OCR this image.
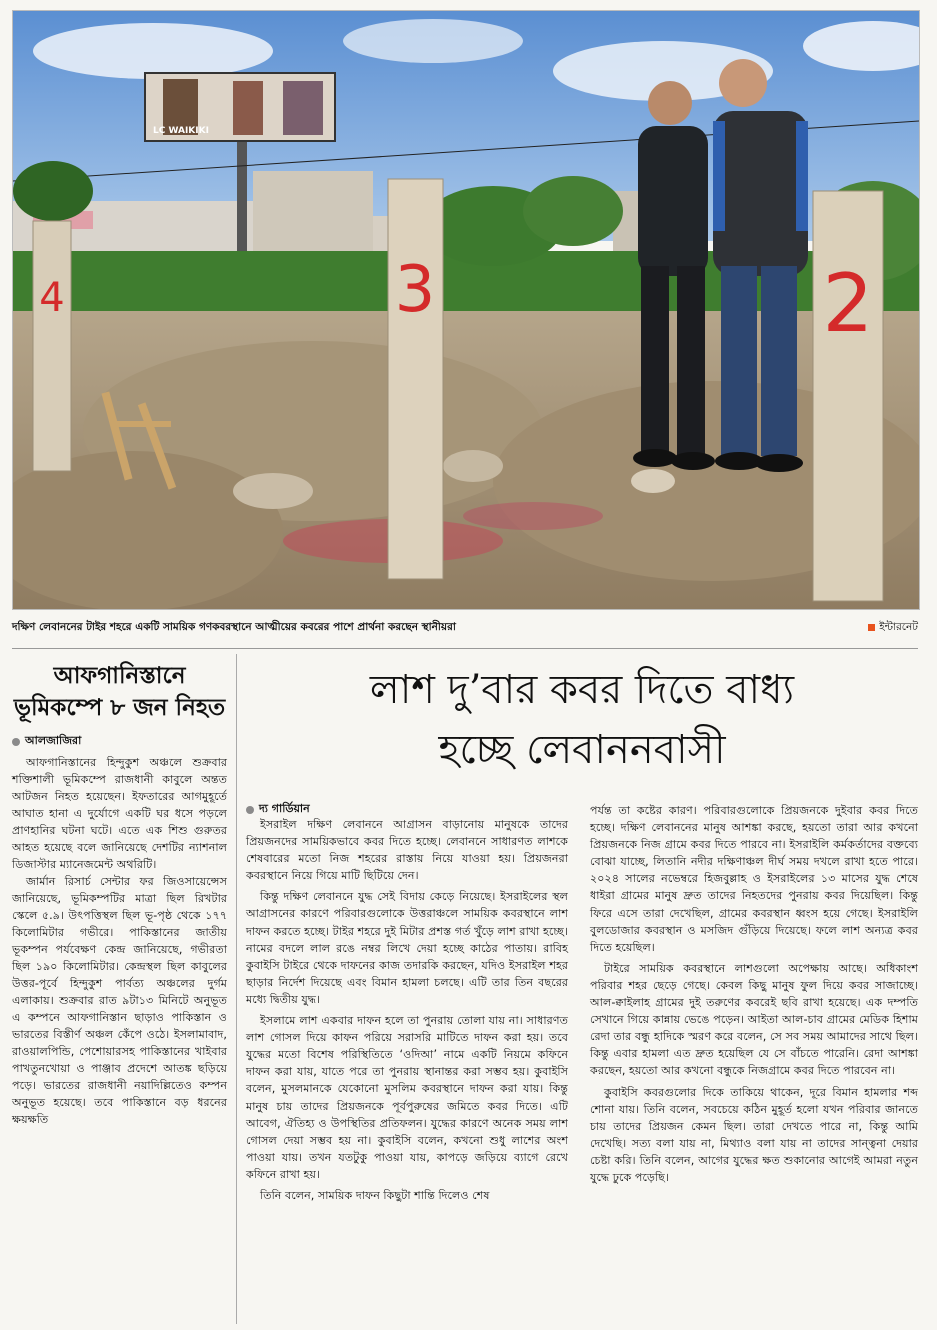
LC WAIKIKI
4	3	2
দক্ষিণ লেবাননের টাইর শহরে একটি সাময়িক গণকবরস্থানে আত্মীয়ের কবরের পাশে প্রার্থনা করছেন স্থানীয়রা	ইন্টারনেট
আফগানিস্তানে ভূমিকম্পে ৮ জন নিহত
আলজাজিরা

আফগানিস্তানের হিন্দুকুশ অঞ্চলে শুক্রবার শক্তিশালী ভূমিকম্পে রাজধানী কাবুলে অন্তত আটজন নিহত হয়েছেন। ইফতারের আগমুহূর্তে আঘাত হানা এ দুর্যোগে একটি ঘর ধসে পড়লে প্রাণহানির ঘটনা ঘটে। এতে এক শিশু গুরুতর আহত হয়েছে বলে জানিয়েছে দেশটির ন্যাশনাল ডিজাস্টার ম্যানেজমেন্ট অথরিটি।

জার্মান রিসার্চ সেন্টার ফর জিওসায়েন্সেস জানিয়েছে, ভূমিকম্পটির মাত্রা ছিল রিখটার স্কেলে ৫.৯। উৎপত্তিস্থল ছিল ভূ-পৃষ্ঠ থেকে ১৭৭ কিলোমিটার গভীরে। পাকিস্তানের জাতীয় ভূকম্পন পর্যবেক্ষণ কেন্দ্র জানিয়েছে, গভীরতা ছিল ১৯০ কিলোমিটার। কেন্দ্রস্থল ছিল কাবুলের উত্তর-পূর্বে হিন্দুকুশ পার্বত্য অঞ্চলের দুর্গম এলাকায়। শুক্রবার রাত ৯টা১৩ মিনিটে অনুভূত এ কম্পনে আফগানিস্তান ছাড়াও পাকিস্তান ও ভারতের বিস্তীর্ণ অঞ্চল কেঁপে ওঠে। ইসলামাবাদ, রাওয়ালপিন্ডি, পেশোয়ারসহ পাকিস্তানের খাইবার পাখতুনখোয়া ও পাঞ্জাব প্রদেশে আতঙ্ক ছড়িয়ে পড়ে। ভারতের রাজধানী নয়াদিল্লিতেও কম্পন অনুভূত হয়েছে। তবে পাকিস্তানে বড় ধরনের ক্ষয়ক্ষতি

লাশ দু’বার কবর দিতে বাধ্য
হচ্ছে লেবাননবাসী
দ্য গার্ডিয়ান

ইসরাইল দক্ষিণ লেবাননে আগ্রাসন বাড়ানোয় মানুষকে তাদের প্রিয়জনদের সাময়িকভাবে কবর দিতে হচ্ছে। লেবাননে সাধারণত লাশকে শেষবারের মতো নিজ শহরের রাস্তায় নিয়ে যাওয়া হয়। প্রিয়জনরা কবরস্থানে নিয়ে গিয়ে মাটি ছিটিয়ে দেন।

কিন্তু দক্ষিণ লেবাননে যুদ্ধ সেই বিদায় কেড়ে নিয়েছে। ইসরাইলের স্থল আগ্রাসনের কারণে পরিবারগুলোকে উত্তরাঞ্চলে সাময়িক কবরস্থানে লাশ দাফন করতে হচ্ছে। টাইর শহরে দুই মিটার প্রশস্ত গর্ত খুঁড়ে লাশ রাখা হচ্ছে। নামের বদলে লাল রঙে নম্বর লিখে দেয়া হচ্ছে কাঠের পাতায়। রাবিহ কুবাইসি টাইরে থেকে দাফনের কাজ তদারকি করছেন, যদিও ইসরাইল শহর ছাড়ার নির্দেশ দিয়েছে এবং বিমান হামলা চলছে। এটি তার তিন বছরের মধ্যে দ্বিতীয় যুদ্ধ।

ইসলামে লাশ একবার দাফন হলে তা পুনরায় তোলা যায় না। সাধারণত লাশ গোসল দিয়ে কাফন পরিয়ে সরাসরি মাটিতে দাফন করা হয়। তবে যুদ্ধের মতো বিশেষ পরিস্থিতিতে ‘ওদিআ’ নামে একটি নিয়মে কফিনে দাফন করা যায়, যাতে পরে তা পুনরায় স্থানান্তর করা সম্ভব হয়। কুবাইসি বলেন, মুসলমানকে যেকোনো মুসলিম কবরস্থানে দাফন করা যায়। কিন্তু মানুষ চায় তাদের প্রিয়জনকে পূর্বপুরুষের জমিতে কবর দিতে। এটি আবেগ, ঐতিহ্য ও উপস্থিতির প্রতিফলন। যুদ্ধের কারণে অনেক সময় লাশ গোসল দেয়া সম্ভব হয় না। কুবাইসি বলেন, কখনো শুধু লাশের অংশ পাওয়া যায়। তখন যতটুকু পাওয়া যায়, কাপড়ে জড়িয়ে ব্যাগে রেখে কফিনে রাখা হয়।

তিনি বলেন, সাময়িক দাফন কিছুটা শান্তি দিলেও শেষ

পর্যন্ত তা কষ্টের কারণ। পরিবারগুলোকে প্রিয়জনকে দুইবার কবর দিতে হচ্ছে। দক্ষিণ লেবাননের মানুষ আশঙ্কা করছে, হয়তো তারা আর কখনো প্রিয়জনকে নিজ গ্রামে কবর দিতে পারবে না। ইসরাইলি কর্মকর্তাদের বক্তব্যে বোঝা যাচ্ছে, লিতানি নদীর দক্ষিণাঞ্চল দীর্ঘ সময় দখলে রাখা হতে পারে। ২০২৪ সালের নভেম্বরে হিজবুল্লাহ ও ইসরাইলের ১৩ মাসের যুদ্ধ শেষে ধাইরা গ্রামের মানুষ দ্রুত তাদের নিহতদের পুনরায় কবর দিয়েছিল। কিন্তু ফিরে এসে তারা দেখেছিল, গ্রামের কবরস্থান ধ্বংস হয়ে গেছে। ইসরাইলি বুলডোজার কবরস্থান ও মসজিদ গুঁড়িয়ে দিয়েছে। ফলে লাশ অন্যত্র কবর দিতে হয়েছিল।

টাইরে সাময়িক কবরস্থানে লাশগুলো অপেক্ষায় আছে। অধিকাংশ পরিবার শহর ছেড়ে গেছে। কেবল কিছু মানুষ ফুল দিয়ে কবর সাজাচ্ছে। আল-ক্বাইলাহ গ্রামের দুই তরুণের কবরেই ছবি রাখা হয়েছে। এক দম্পতি সেখানে গিয়ে কান্নায় ভেঙে পড়েন। আইতা আল-চাব গ্রামের মেডিক হিশাম রেদা তার বন্ধু হাদিকে স্মরণ করে বলেন, সে সব সময় আমাদের সাথে ছিল। কিন্তু এবার হামলা এত দ্রুত হয়েছিল যে সে বাঁচতে পারেনি। রেদা আশঙ্কা করছেন, হয়তো আর কখনো বন্ধুকে নিজগ্রামে কবর দিতে পারবেন না।

কুবাইসি কবরগুলোর দিকে তাকিয়ে থাকেন, দূরে বিমান হামলার শব্দ শোনা যায়। তিনি বলেন, সবচেয়ে কঠিন মুহূর্ত হলো যখন পরিবার জানতে চায় তাদের প্রিয়জন কেমন ছিল। তারা দেখতে পারে না, কিন্তু আমি দেখেছি। সত্য বলা যায় না, মিথ্যাও বলা যায় না তাদের সান্ত্বনা দেয়ার চেষ্টা করি। তিনি বলেন, আগের যুদ্ধের ক্ষত শুকানোর আগেই আমরা নতুন যুদ্ধে ঢুকে পড়েছি।
